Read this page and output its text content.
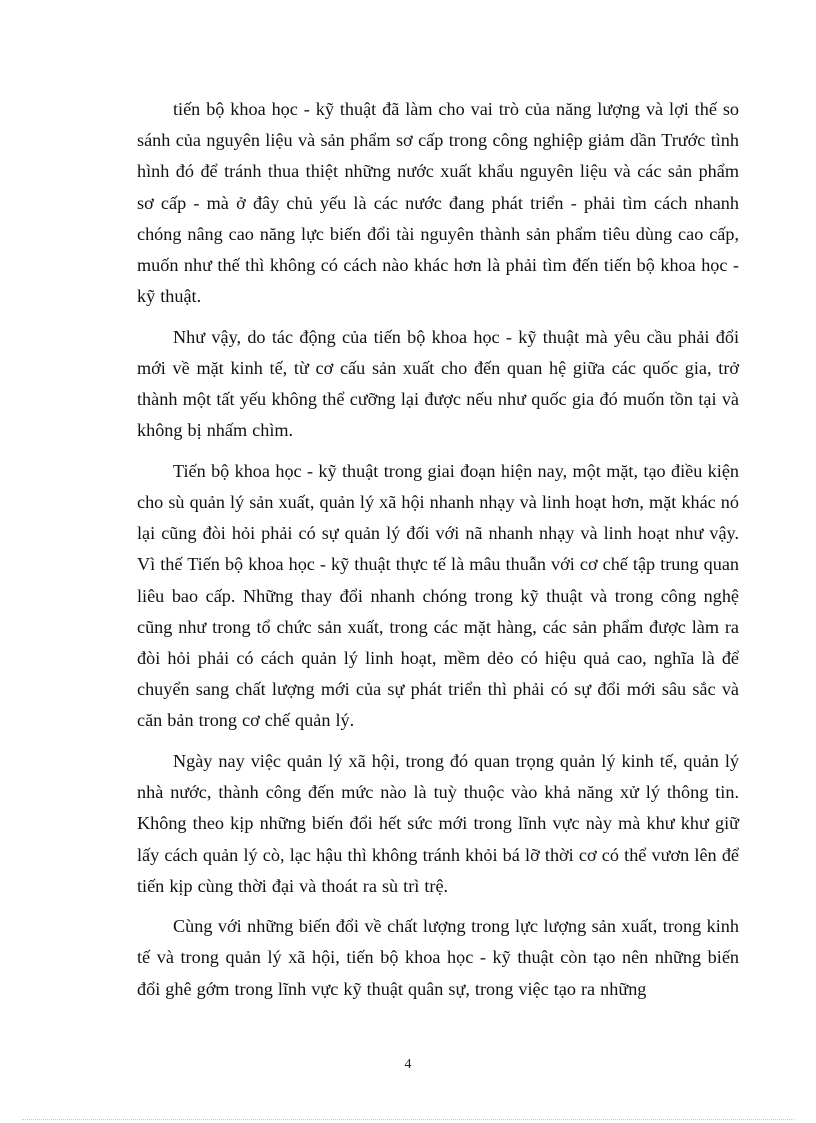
tiến bộ khoa học - kỹ thuật đã làm cho vai trò của năng lượng và lợi thế so sánh của nguyên liệu và sản phẩm sơ cấp trong công nghiệp giảm dần Trước tình hình đó để tránh thua thiệt những nước xuất khẩu nguyên liệu và các sản phẩm sơ cấp - mà ở đây chủ yếu là các nước đang phát triển - phải tìm cách nhanh chóng nâng cao năng lực biến đổi tài nguyên thành sản phẩm tiêu dùng cao cấp, muốn như thế thì không có cách nào khác hơn là phải tìm đến tiến bộ khoa học - kỹ thuật.

Như vậy, do tác động của tiến bộ khoa học - kỹ thuật mà yêu cầu phải đổi mới về mặt kinh tế, từ cơ cấu sản xuất cho đến quan hệ giữa các quốc gia, trở thành một tất yếu không thể cưỡng lại được nếu như quốc gia đó muốn tồn tại và không bị nhấm chìm.

Tiến bộ khoa học - kỹ thuật trong giai đoạn hiện nay, một mặt, tạo điều kiện cho sù quản lý sản xuất, quản lý xã hội nhanh nhạy và linh hoạt hơn, mặt khác nó lại cũng đòi hỏi phải có sự quản lý đối với nã nhanh nhạy và linh hoạt như vậy. Vì thế Tiến bộ khoa học - kỹ thuật thực tế là mâu thuẫn với cơ chế tập trung quan liêu bao cấp. Những thay đổi nhanh chóng trong kỹ thuật và trong công nghệ cũng như trong tổ chức sản xuất, trong các mặt hàng, các sản phẩm được làm ra đòi hỏi phải có cách quản lý linh hoạt, mềm dẻo có hiệu quả cao, nghĩa là để chuyển sang chất lượng mới của sự phát triển thì phải có sự đổi mới sâu sắc và căn bản trong cơ chế quản lý.

Ngày nay việc quản lý xã hội, trong đó quan trọng quản lý kinh tế, quản lý nhà nước, thành công đến mức nào là tuỳ thuộc vào khả năng xử lý thông tin. Không theo kịp những biến đổi hết sức mới trong lĩnh vực này mà khư khư giữ lấy cách quản lý cò, lạc hậu thì không tránh khỏi bá lỡ thời cơ có thể vươn lên để tiến kịp cùng thời đại và thoát ra sù trì trệ.

Cùng với những biến đổi về chất lượng trong lực lượng sản xuất, trong kinh tế và trong quản lý xã hội, tiến bộ khoa học - kỹ thuật còn tạo nên những biến đổi ghê gớm trong lĩnh vực kỹ thuật quân sự, trong việc tạo ra những

4
